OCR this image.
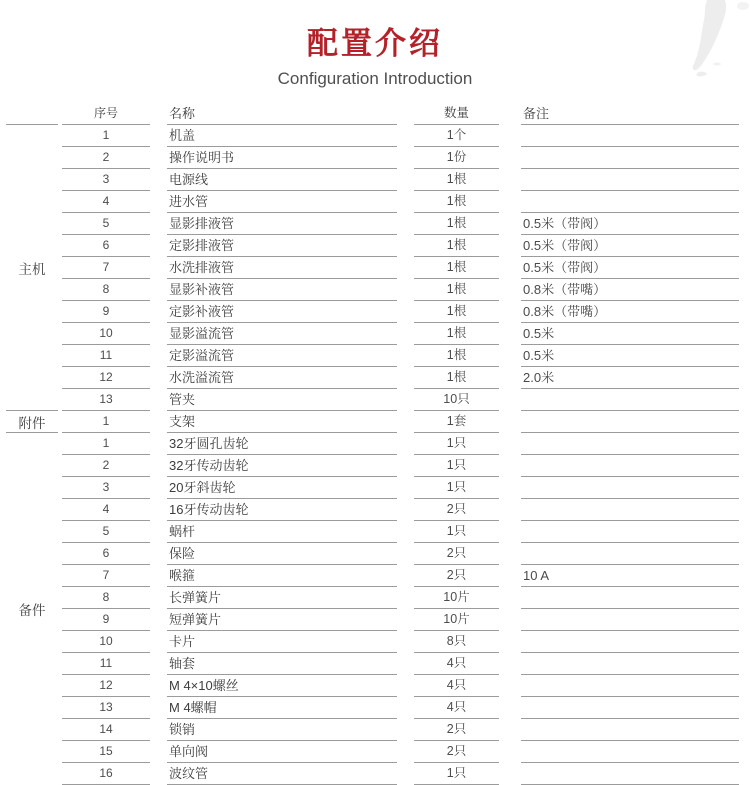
配置介绍
Configuration Introduction
序号	名称	数量	备注
主机
1	机盖	1个
2	操作说明书	1份
3	电源线	1根
4	进水管	1根
5	显影排液管	1根	0.5米（带阀）
6	定影排液管	1根	0.5米（带阀）
7	水洗排液管	1根	0.5米（带阀）
8	显影补液管	1根	0.8米（带嘴）
9	定影补液管	1根	0.8米（带嘴）
10	显影溢流管	1根	0.5米
11	定影溢流管	1根	0.5米
12	水洗溢流管	1根	2.0米
13	管夹	10只
附件	1	支架	1套
备件
1	32牙圆孔齿轮	1只
2	32牙传动齿轮	1只
3	20牙斜齿轮	1只
4	16牙传动齿轮	2只
5	蜗杆	1只
6	保险	2只
7	喉箍	2只	10 A
8	长弹簧片	10片
9	短弹簧片	10片
10	卡片	8只
11	轴套	4只
12	M 4×10螺丝	4只
13	M 4螺帽	4只
14	锁销	2只
15	单向阀	2只
16	波纹管	1只
